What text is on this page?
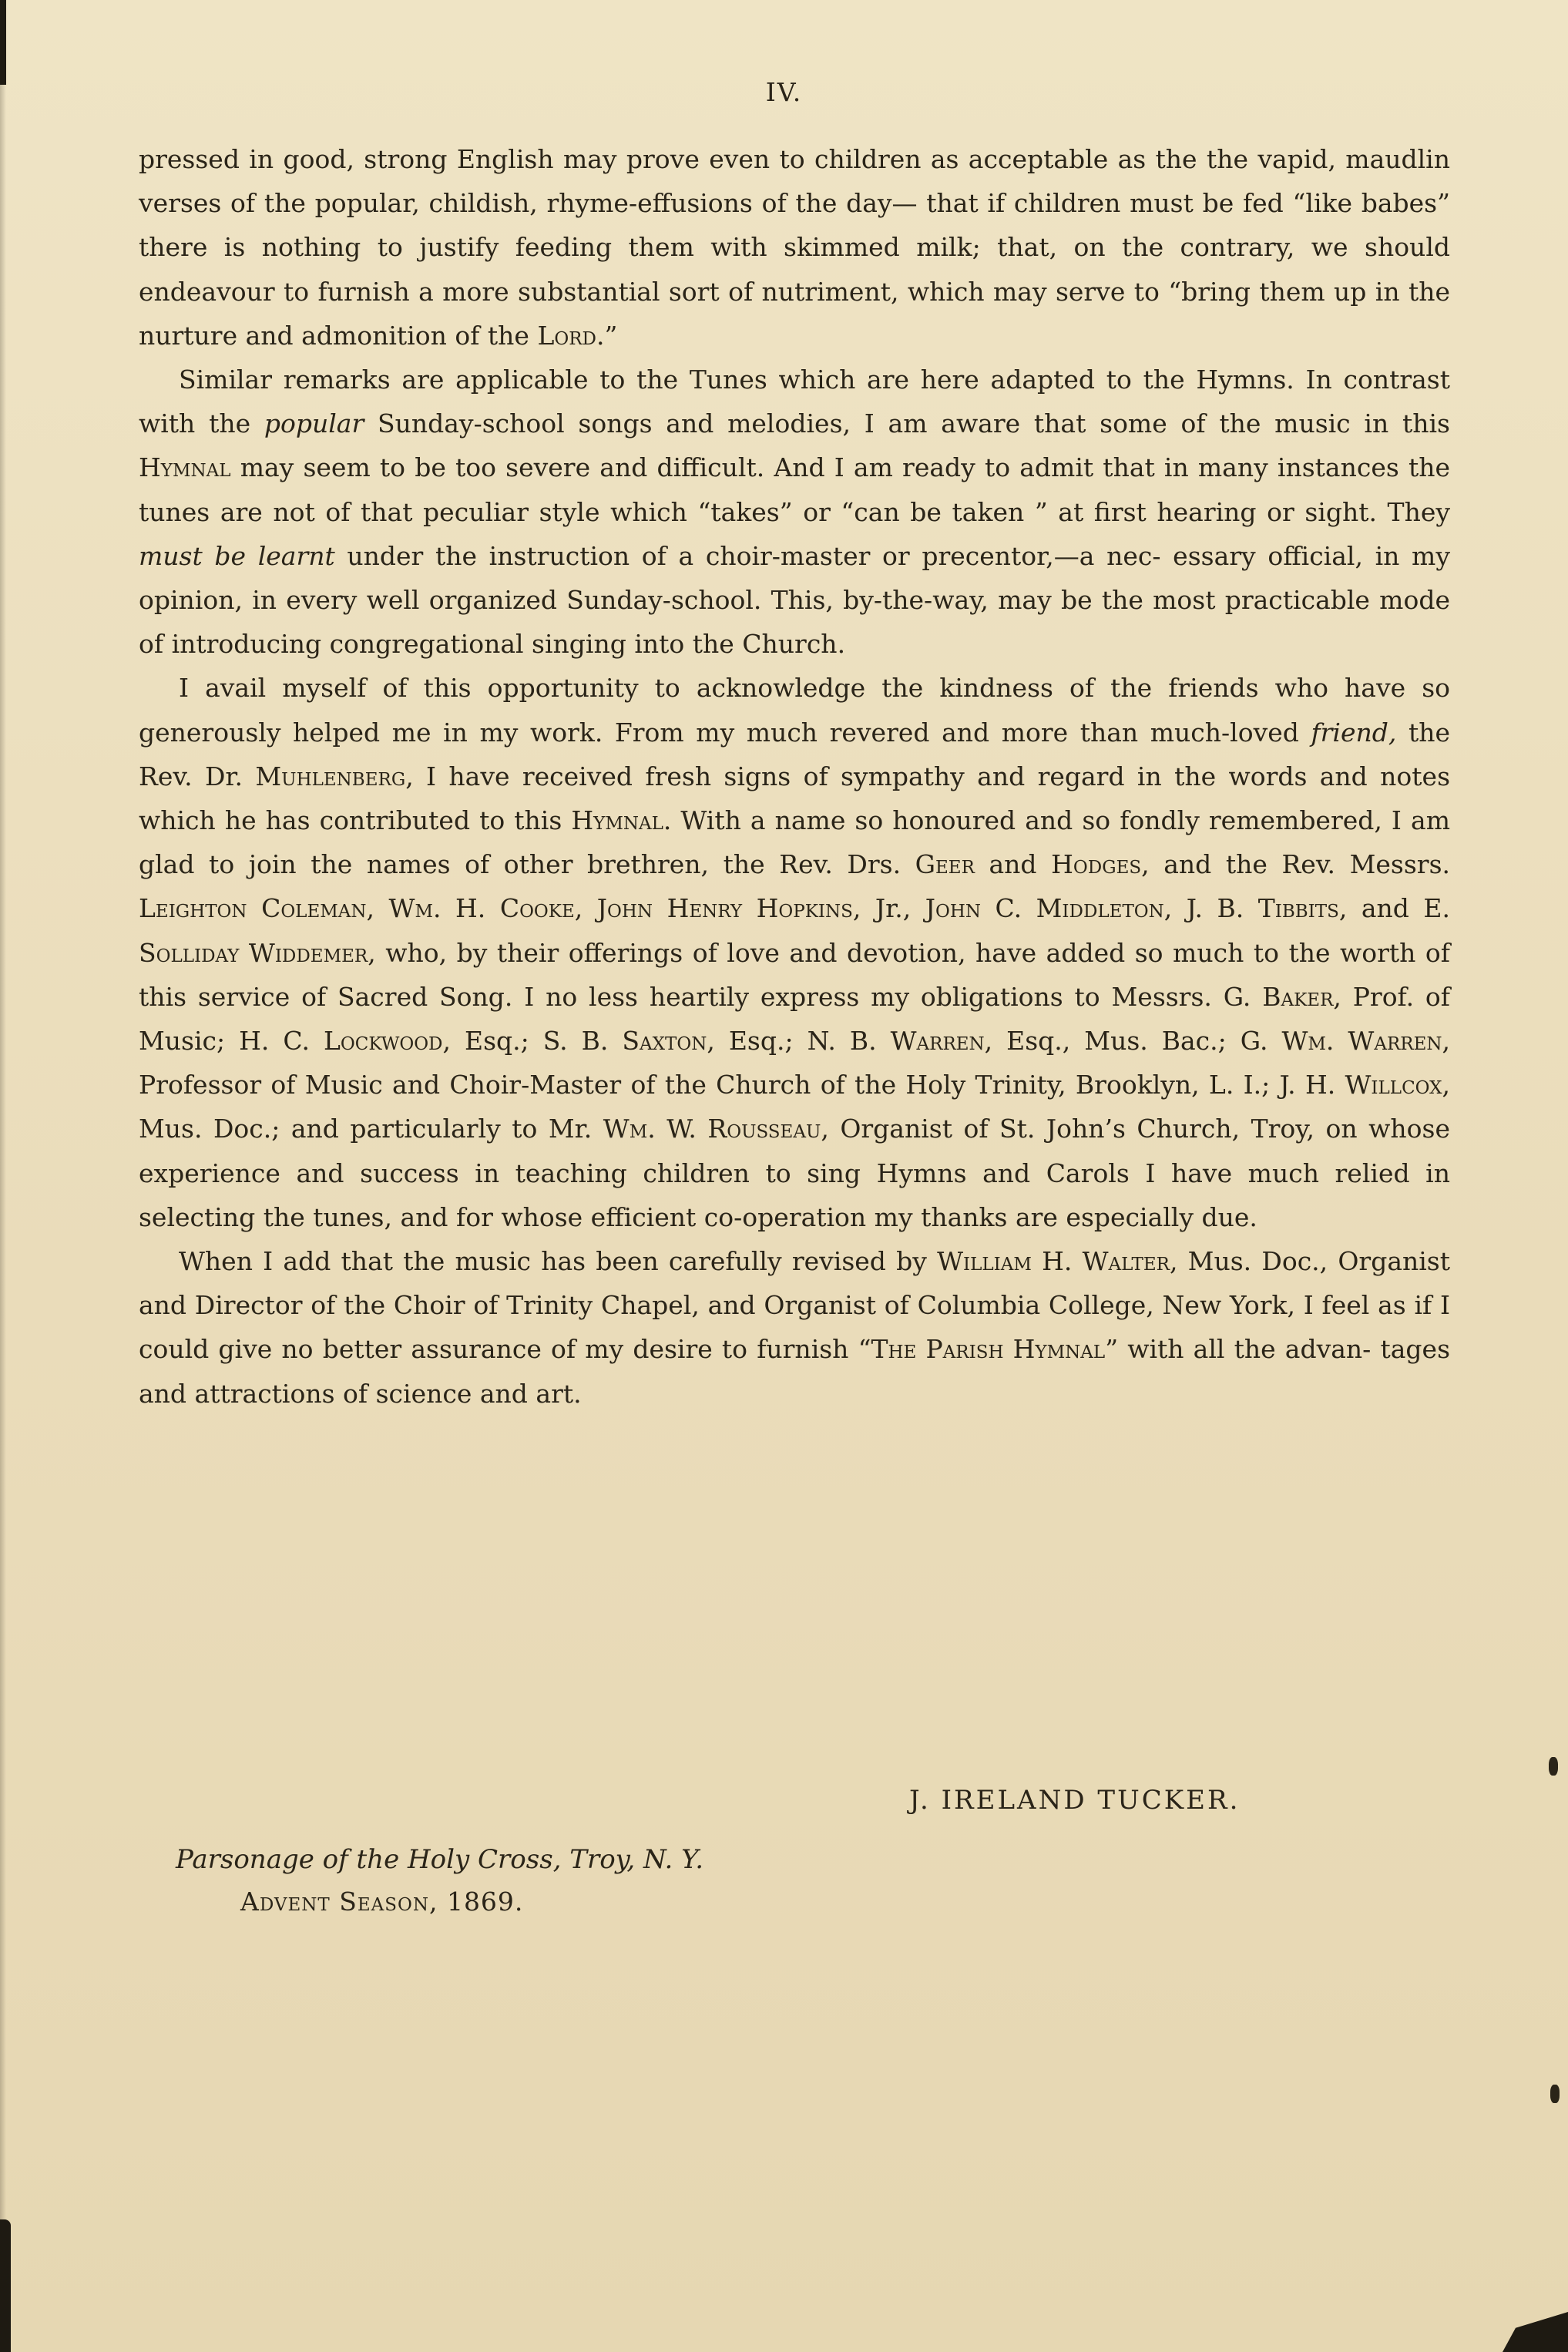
IV.

pressed in good, strong English may prove even to children as acceptable as the the vapid, maudlin verses of the popular, childish, rhyme-effusions of the day— that if children must be fed “like babes” there is nothing to justify feeding them with skimmed milk; that, on the contrary, we should endeavour to furnish a more substantial sort of nutriment, which may serve to “bring them up in the nurture and admonition of the Lord.”

Similar remarks are applicable to the Tunes which are here adapted to the Hymns. In contrast with the popular Sunday-school songs and melodies, I am aware that some of the music in this Hymnal may seem to be too severe and difficult. And I am ready to admit that in many instances the tunes are not of that peculiar style which “takes” or “can be taken ” at first hearing or sight. They must be learnt under the instruction of a choir-master or precentor,—a nec- essary official, in my opinion, in every well organized Sunday-school. This, by-the-way, may be the most practicable mode of introducing congregational singing into the Church.

I avail myself of this opportunity to acknowledge the kindness of the friends who have so generously helped me in my work. From my much revered and more than much-loved friend, the Rev. Dr. Muhlenberg, I have received fresh signs of sympathy and regard in the words and notes which he has contributed to this Hymnal. With a name so honoured and so fondly remembered, I am glad to join the names of other brethren, the Rev. Drs. Geer and Hodges, and the Rev. Messrs. Leighton Coleman, Wm. H. Cooke, John Henry Hopkins, Jr., John C. Middleton, J. B. Tibbits, and E. Solliday Widdemer, who, by their offerings of love and devotion, have added so much to the worth of this service of Sacred Song. I no less heartily express my obligations to Messrs. G. Baker, Prof. of Music; H. C. Lockwood, Esq.; S. B. Saxton, Esq.; N. B. Warren, Esq., Mus. Bac.; G. Wm. Warren, Professor of Music and Choir-Master of the Church of the Holy Trinity, Brooklyn, L. I.; J. H. Willcox, Mus. Doc.; and particularly to Mr. Wm. W. Rousseau, Organist of St. John’s Church, Troy, on whose experience and success in teaching children to sing Hymns and Carols I have much relied in selecting the tunes, and for whose efficient co-operation my thanks are especially due.

When I add that the music has been carefully revised by William H. Walter, Mus. Doc., Organist and Director of the Choir of Trinity Chapel, and Organist of Columbia College, New York, I feel as if I could give no better assurance of my desire to furnish “The Parish Hymnal” with all the advan- tages and attractions of science and art.

J. IRELAND TUCKER.
Parsonage of the Holy Cross, Troy, N. Y.
Advent Season, 1869.
